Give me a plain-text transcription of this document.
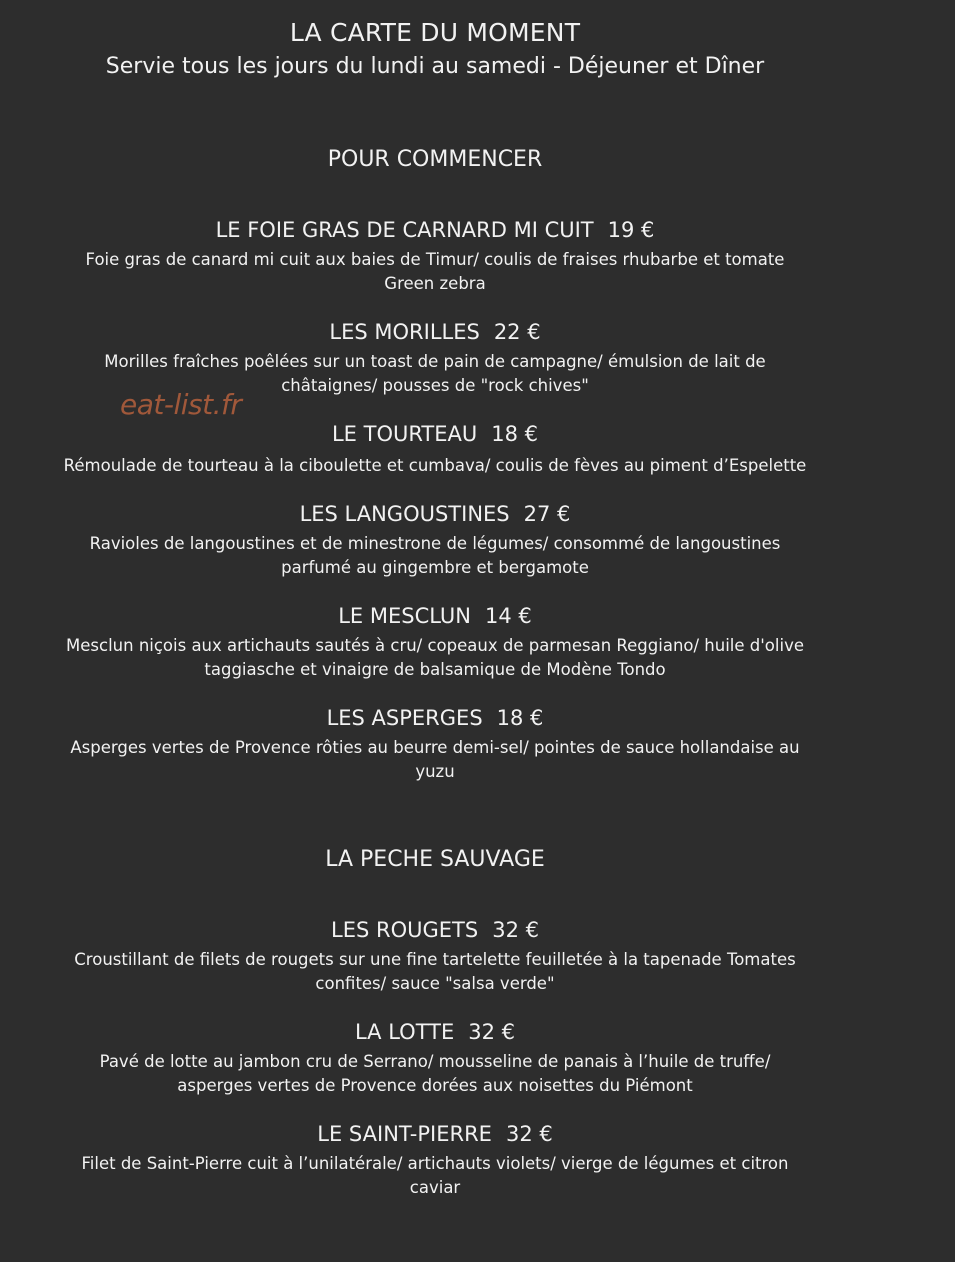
LA CARTE DU MOMENT
Servie tous les jours du lundi au samedi - Déjeuner et Dîner
POUR COMMENCER
LE FOIE GRAS DE CARNARD MI CUIT 19 €
Foie gras de canard mi cuit aux baies de Timur/ coulis de fraises rhubarbe et tomate Green zebra
LES MORILLES 22 €
Morilles fraîches poêlées sur un toast de pain de campagne/ émulsion de lait de châtaignes/ pousses de "rock chives"
LE TOURTEAU 18 €
Rémoulade de tourteau à la ciboulette et cumbava/ coulis de fèves au piment d’Espelette
LES LANGOUSTINES 27 €
Ravioles de langoustines et de minestrone de légumes/ consommé de langoustines parfumé au gingembre et bergamote
LE MESCLUN 14 €
Mesclun niçois aux artichauts sautés à cru/ copeaux de parmesan Reggiano/ huile d'olive taggiasche et vinaigre de balsamique de Modène Tondo
LES ASPERGES 18 €
Asperges vertes de Provence rôties au beurre demi-sel/ pointes de sauce hollandaise au yuzu
LA PECHE SAUVAGE
LES ROUGETS 32 €
Croustillant de filets de rougets sur une fine tartelette feuilletée à la tapenade Tomates confites/ sauce "salsa verde"
LA LOTTE 32 €
Pavé de lotte au jambon cru de Serrano/ mousseline de panais à l’huile de truffe/ asperges vertes de Provence dorées aux noisettes du Piémont
LE SAINT-PIERRE 32 €
Filet de Saint-Pierre cuit à l’unilatérale/ artichauts violets/ vierge de légumes et citron caviar
eat-list.fr
